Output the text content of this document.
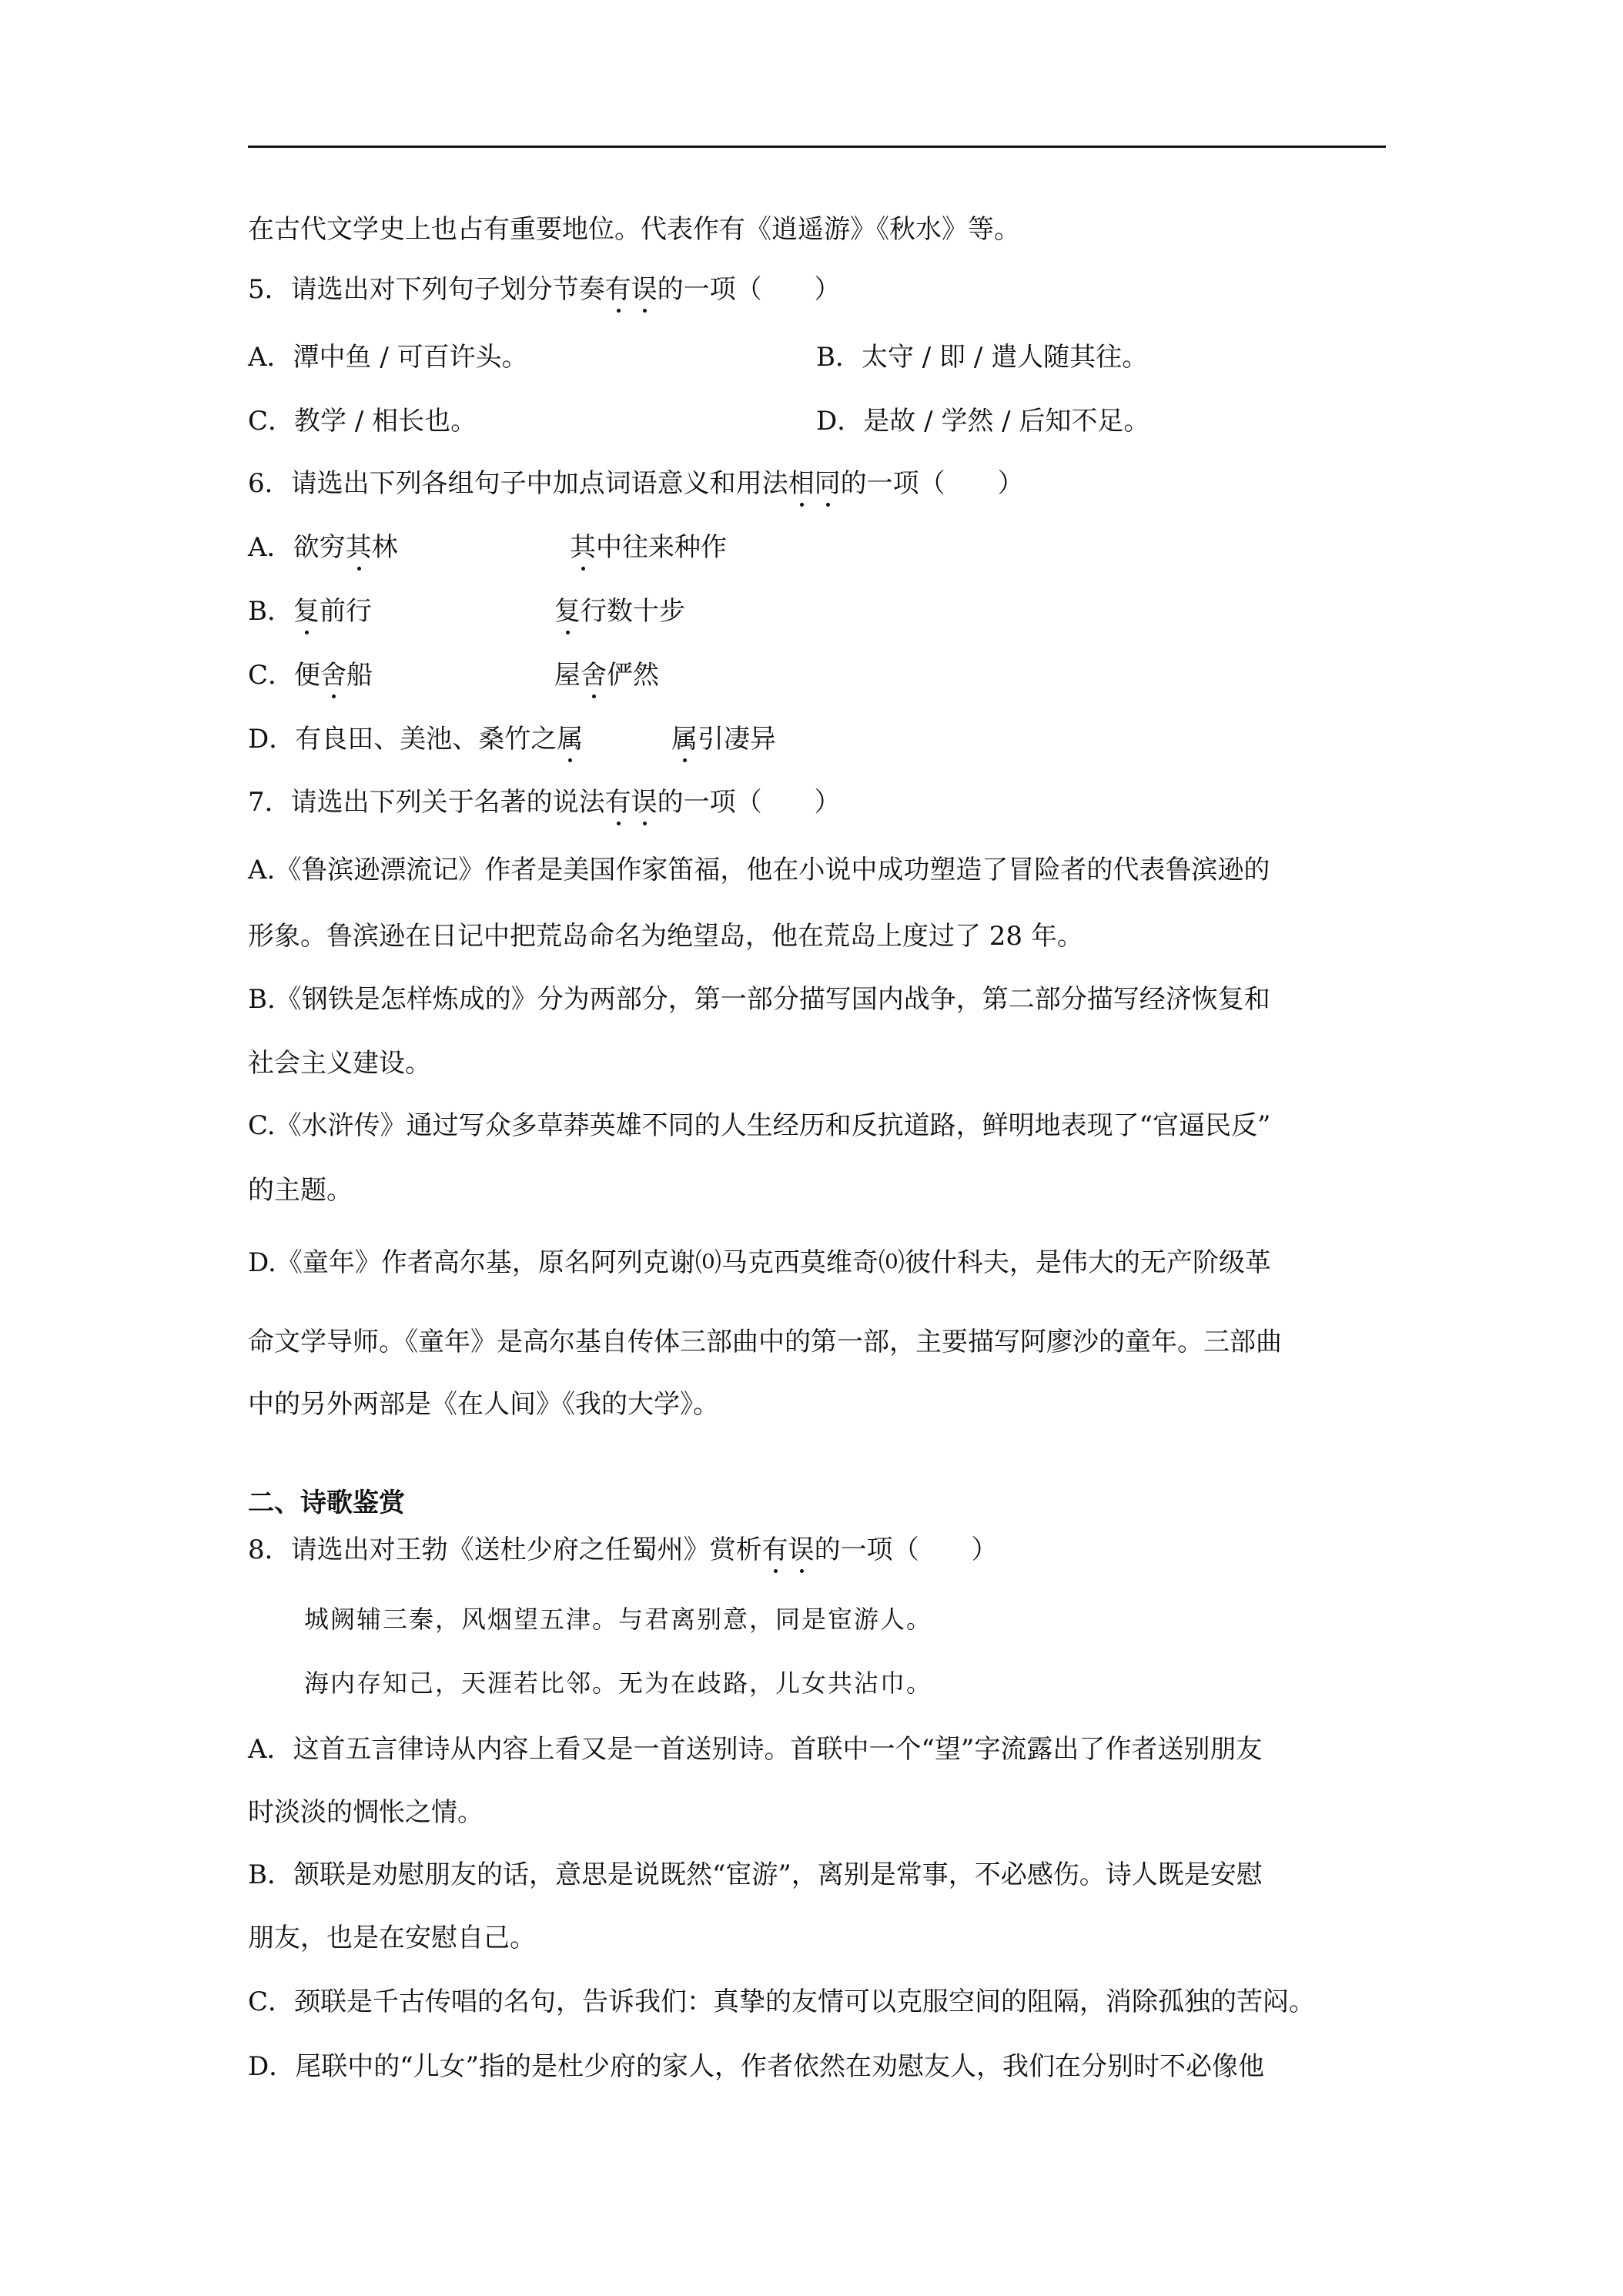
在古代文学史上也占有重要地位。代表作有《逍遥游》《秋水》等。
5．请选出对下列句子划分节奏有误的一项（　　）
A．潭中鱼 / 可百许头。	B．太守 / 即 / 遣人随其往。
C．教学 / 相长也。	D．是故 / 学然 / 后知不足。
6．请选出下列各组句子中加点词语意义和用法相同的一项（　　）
A．欲穷其林	其中往来种作
B．复前行	复行数十步
C．便舍船	屋舍俨然
D．有良田、美池、桑竹之属	属引凄异
7．请选出下列关于名著的说法有误的一项（　　）
A.《鲁滨逊漂流记》作者是美国作家笛福，他在小说中成功塑造了冒险者的代表鲁滨逊的
形象。鲁滨逊在日记中把荒岛命名为绝望岛，他在荒岛上度过了 28 年。
B.《钢铁是怎样炼成的》分为两部分，第一部分描写国内战争，第二部分描写经济恢复和
社会主义建设。
C.《水浒传》通过写众多草莽英雄不同的人生经历和反抗道路，鲜明地表现了“官逼民反”
的主题。
D.《童年》作者高尔基，原名阿列克谢⒪马克西莫维奇⒪彼什科夫，是伟大的无产阶级革
命文学导师。《童年》是高尔基自传体三部曲中的第一部，主要描写阿廖沙的童年。三部曲
中的另外两部是《在人间》《我的大学》。
二、诗歌鉴赏
8．请选出对王勃《送杜少府之任蜀州》赏析有误的一项（　　）
城阙辅三秦，风烟望五津。与君离别意，同是宦游人。
海内存知己，天涯若比邻。无为在歧路，儿女共沾巾。
A．这首五言律诗从内容上看又是一首送别诗。首联中一个“望”字流露出了作者送别朋友
时淡淡的惆怅之情。
B．颔联是劝慰朋友的话，意思是说既然“宦游”，离别是常事，不必感伤。诗人既是安慰
朋友，也是在安慰自己。
C．颈联是千古传唱的名句，告诉我们：真挚的友情可以克服空间的阻隔，消除孤独的苦闷。
D．尾联中的“儿女”指的是杜少府的家人，作者依然在劝慰友人，我们在分别时不必像他
